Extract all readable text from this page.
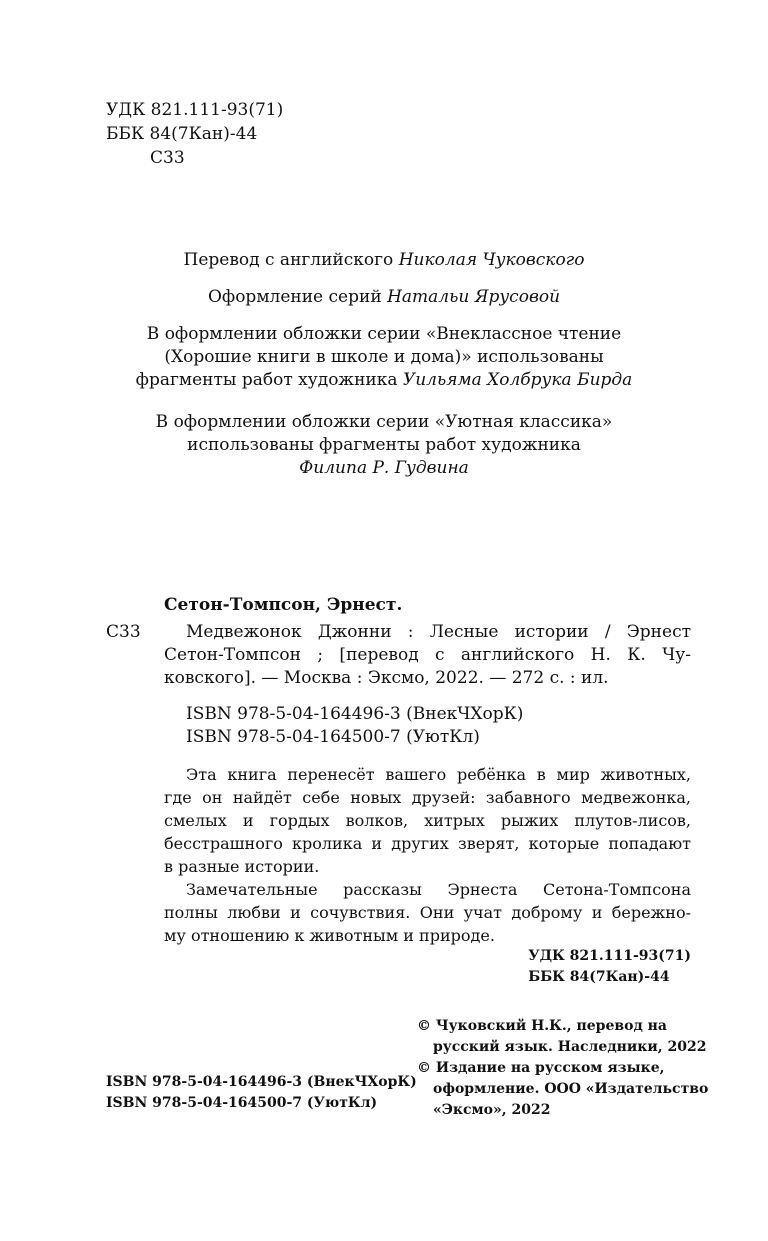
УДК 821.111-93(71)
ББК 84(7Кан)-44
С33
Перевод с английского Николая Чуковского
Оформление серий Натальи Ярусовой
В оформлении обложки серии «Внеклассное чтение
(Хорошие книги в школе и дома)» использованы
фрагменты работ художника Уильяма Холбрука Бирда
В оформлении обложки серии «Уютная классика»
использованы фрагменты работ художника
Филипа Р. Гудвина
Сетон-Томпсон, Эрнест.
С33	Медвежонок Джонни : Лесные истории / Эрнест
Сетон-Томпсон ; [перевод с английского Н. К. Чу-
ковского]. — Москва : Эксмо, 2022. — 272 с. : ил.
ISBN 978-5-04-164496-3 (ВнекЧХорК)
ISBN 978-5-04-164500-7 (УютКл)
Эта книга перенесёт вашего ребёнка в мир животных,
где он найдёт себе новых друзей: забавного медвежонка,
смелых и гордых волков, хитрых рыжих плутов-лисов,
бесстрашного кролика и других зверят, которые попадают
в разные истории.
Замечательные рассказы Эрнеста Сетона-Томпсона
полны любви и сочувствия. Они учат доброму и бережно-
му отношению к животным и природе.
УДК 821.111-93(71)
ББК 84(7Кан)-44
© Чуковский Н.К., перевод на
русский язык. Наследники, 2022
© Издание на русском языке,
оформление. ООО «Издательство
«Эксмо», 2022
ISBN 978-5-04-164496-3 (ВнекЧХорК)
ISBN 978-5-04-164500-7 (УютКл)
